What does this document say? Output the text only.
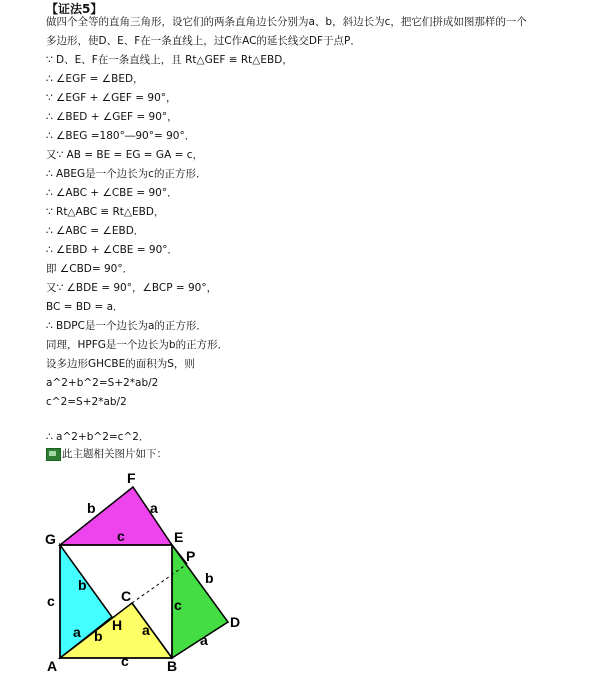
【证法5】
做四个全等的直角三角形，设它们的两条直角边长分别为a、b，斜边长为c，把它们拼成如图那样的一个
多边形，使D、E、F在一条直线上，过C作AC的延长线交DF于点P．
∵ D、E、F在一条直线上，且 Rt△GEF ≌ Rt△EBD，
∴ ∠EGF = ∠BED，
∵ ∠EGF + ∠GEF = 90°，
∴ ∠BED + ∠GEF = 90°，
∴ ∠BEG =180°―90°= 90°．
又∵ AB = BE = EG = GA = c，
∴ ABEG是一个边长为c的正方形．
∴ ∠ABC + ∠CBE = 90°．
∵ Rt△ABC ≌ Rt△EBD，
∴ ∠ABC = ∠EBD．
∴ ∠EBD + ∠CBE = 90°．
即 ∠CBD= 90°．
又∵ ∠BDE = 90°，∠BCP = 90°，
BC = BD = a．
∴ BDPC是一个边长为a的正方形．
同理，HPFG是一个边长为b的正方形．
设多边形GHCBE的面积为S，则
a^2+b^2=S+2*ab/2
c^2=S+2*ab/2
∴ a^2+b^2=c^2．
此主题相关图片如下：
F
G	E
P
C
H	D
A	B
b	a
c
b
c
a b	a
c
b
a
c
